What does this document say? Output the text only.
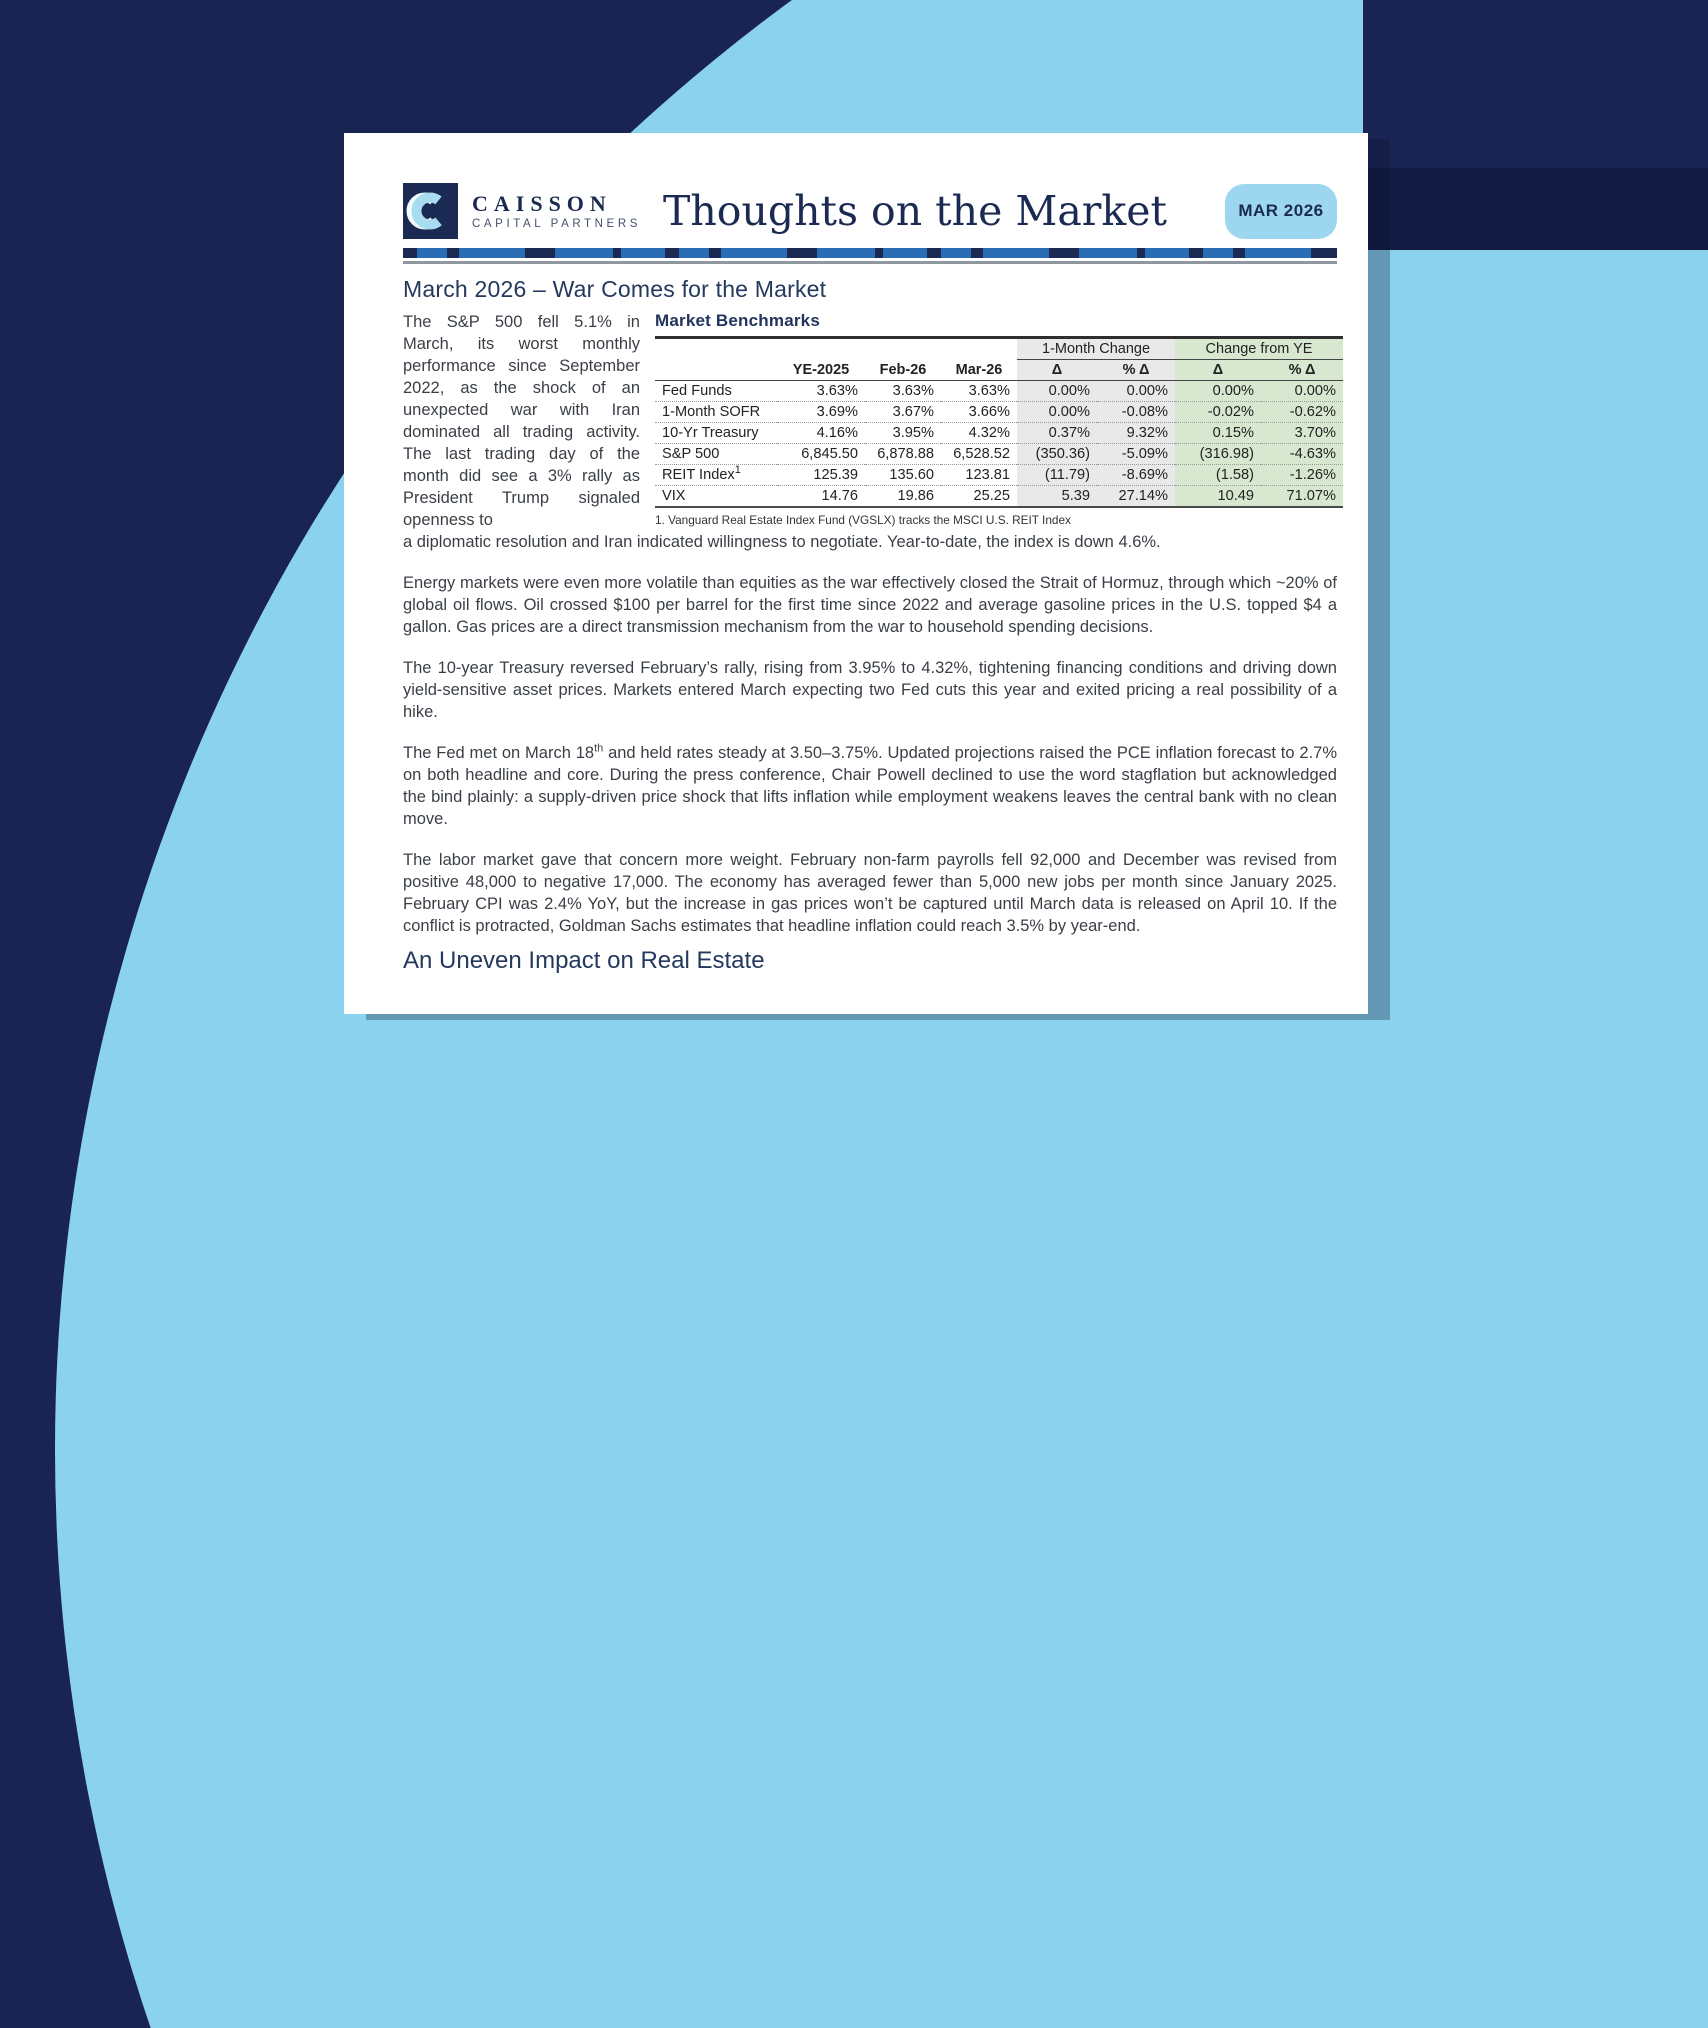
CAISSON
CAPITAL PARTNERS Thoughts on the Market	MAR 2026
March 2026 – War Comes for the Market
The S&P 500 fell 5.1% in March, its worst monthly performance since September 2022, as the shock of an unexpected war with Iran dominated all trading activity. The last trading day of the month did see a 3% rally as President Trump signaled openness to
Market Benchmarks
				1-Month Change		Change from YE	
	YE-2025	Feb-26	Mar-26	Δ	% Δ	Δ	% Δ
Fed Funds	3.63%	3.63%	3.63%	0.00%	0.00%	0.00%	0.00%
1-Month SOFR	3.69%	3.67%	3.66%	0.00%	-0.08%	-0.02%	-0.62%
10-Yr Treasury	4.16%	3.95%	4.32%	0.37%	9.32%	0.15%	3.70%
S&P 500	6,845.50	6,878.88	6,528.52	(350.36)	-5.09%	(316.98)	-4.63%
REIT Index$^1$	125.39	135.60	123.81	(11.79)	-8.69%	(1.58)	-1.26%
VIX	14.76	19.86	25.25	5.39	27.14%	10.49	71.07%
1. Vanguard Real Estate Index Fund (VGSLX) tracks the MSCI U.S. REIT Index

a diplomatic resolution and Iran indicated willingness to negotiate. Year-to-date, the index is down 4.6%.

Energy markets were even more volatile than equities as the war effectively closed the Strait of Hormuz, through which ~20% of global oil flows. Oil crossed $100 per barrel for the first time since 2022 and average gasoline prices in the U.S. topped $4 a gallon. Gas prices are a direct transmission mechanism from the war to household spending decisions.

The 10-year Treasury reversed February’s rally, rising from 3.95% to 4.32%, tightening financing conditions and driving down yield-sensitive asset prices. Markets entered March expecting two Fed cuts this year and exited pricing a real possibility of a hike.

The Fed met on March 18th and held rates steady at 3.50–3.75%. Updated projections raised the PCE inflation forecast to 2.7% on both headline and core. During the press conference, Chair Powell declined to use the word stagflation but acknowledged the bind plainly: a supply-driven price shock that lifts inflation while employment weakens leaves the central bank with no clean move.

The labor market gave that concern more weight. February non-farm payrolls fell 92,000 and December was revised from positive 48,000 to negative 17,000. The economy has averaged fewer than 5,000 new jobs per month since January 2025. February CPI was 2.4% YoY, but the increase in gas prices won’t be captured until March data is released on April 10. If the conflict is protracted, Goldman Sachs estimates that headline inflation could reach 3.5% by year-end.

An Uneven Impact on Real Estate
